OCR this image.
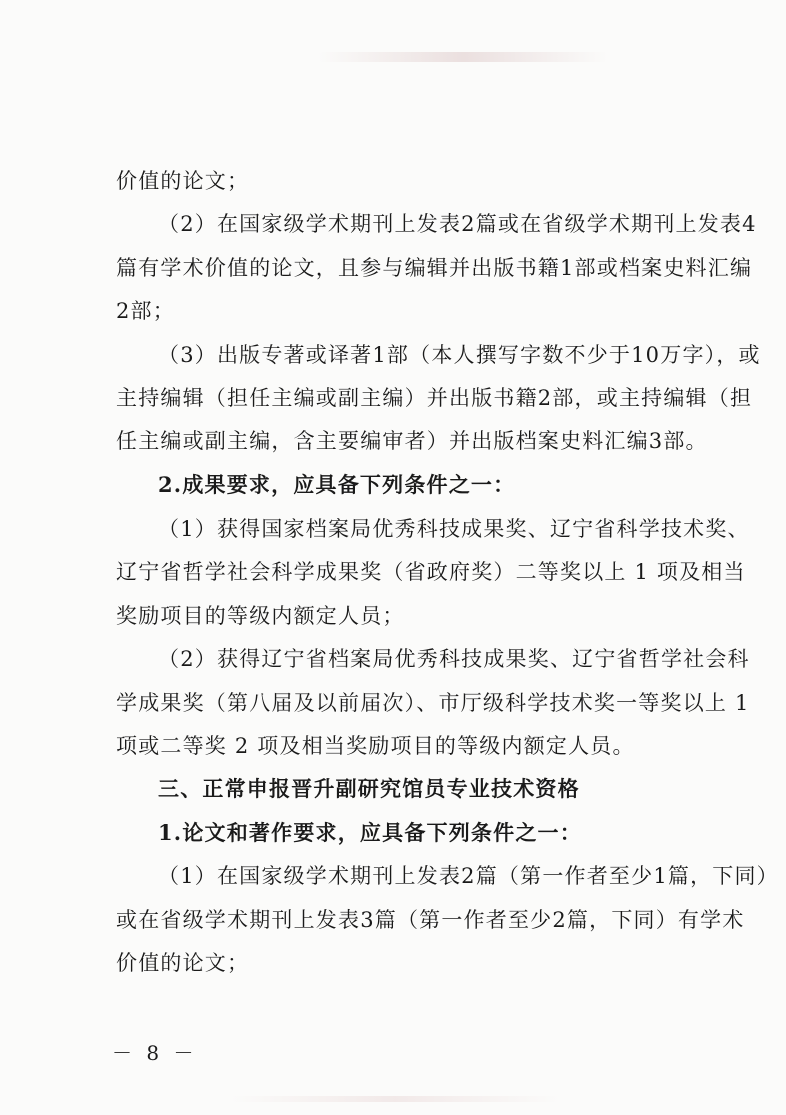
价值的论文；
（2）在国家级学术期刊上发表2篇或在省级学术期刊上发表4
篇有学术价值的论文，且参与编辑并出版书籍1部或档案史料汇编
2部；
（3）出版专著或译著1部（本人撰写字数不少于10万字），或
主持编辑（担任主编或副主编）并出版书籍2部，或主持编辑（担
任主编或副主编，含主要编审者）并出版档案史料汇编3部。
2.成果要求，应具备下列条件之一：
（1）获得国家档案局优秀科技成果奖、辽宁省科学技术奖、
辽宁省哲学社会科学成果奖（省政府奖）二等奖以上 1 项及相当
奖励项目的等级内额定人员；
（2）获得辽宁省档案局优秀科技成果奖、辽宁省哲学社会科
学成果奖（第八届及以前届次）、市厅级科学技术奖一等奖以上 1
项或二等奖 2 项及相当奖励项目的等级内额定人员。
三、正常申报晋升副研究馆员专业技术资格
1.论文和著作要求，应具备下列条件之一：
（1）在国家级学术期刊上发表2篇（第一作者至少1篇，下同）
或在省级学术期刊上发表3篇（第一作者至少2篇，下同）有学术
价值的论文；
－ 8 －
